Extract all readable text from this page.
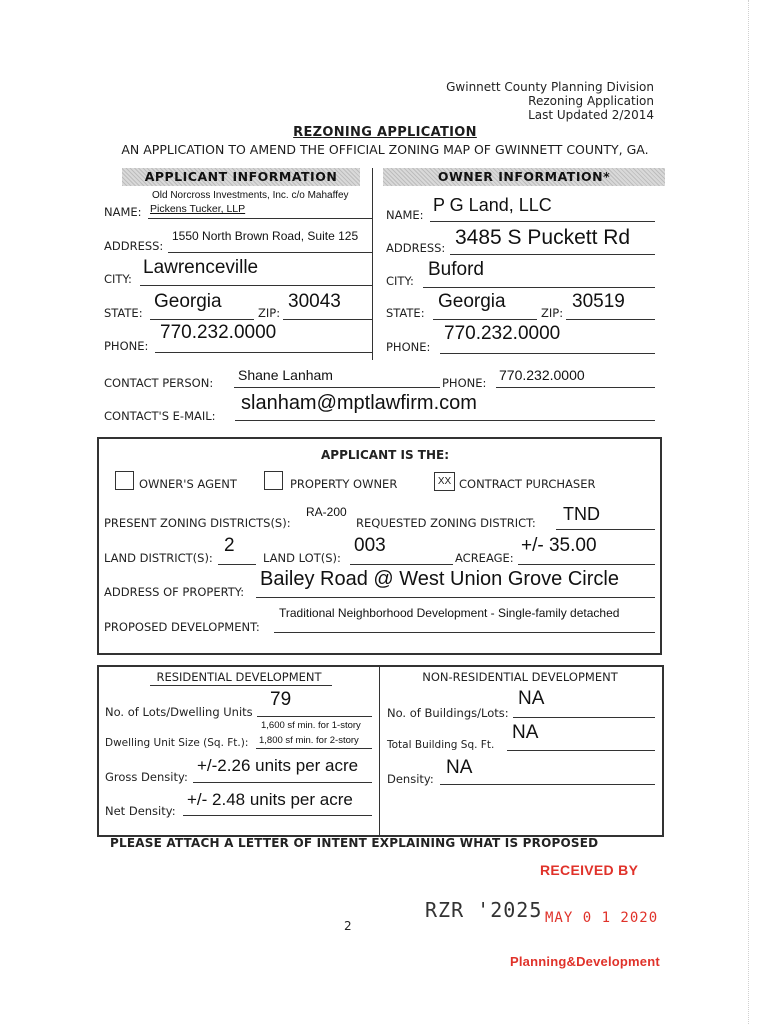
Gwinnett County Planning Division
Rezoning Application
Last Updated 2/2014
REZONING APPLICATION
AN APPLICATION TO AMEND THE OFFICIAL ZONING MAP OF GWINNETT COUNTY, GA.
APPLICANT INFORMATION	OWNER INFORMATION*
Old Norcross Investments, Inc. c/o Mahaffey
NAME: Pickens Tucker, LLP
ADDRESS:
1550 North Brown Road, Suite 125
CITY:
Lawrenceville
STATE:
Georgia
ZIP:
30043
PHONE:
770.232.0000
NAME: P G Land, LLC
ADDRESS: 3485 S Puckett Rd
CITY:
Buford
STATE:
Georgia
ZIP:
30519
PHONE:
770.232.0000
CONTACT PERSON: Shane Lanham	PHONE: 770.232.0000
CONTACT'S E-MAIL:
slanham@mptlawfirm.com
APPLICANT IS THE:
OWNER'S AGENT	PROPERTY OWNER	XX CONTRACT PURCHASER
PRESENT ZONING DISTRICTS(S):
RA-200
REQUESTED ZONING DISTRICT: TND
LAND DISTRICT(S):
2
LAND LOT(S):
003
ACREAGE:
+/- 35.00
ADDRESS OF PROPERTY:
Bailey Road @ West Union Grove Circle
PROPOSED DEVELOPMENT:
Traditional Neighborhood Development - Single-family detached
RESIDENTIAL DEVELOPMENT	NON-RESIDENTIAL DEVELOPMENT
No. of Lots/Dwelling Units
79
1,600 sf min. for 1-story
Dwelling Unit Size (Sq. Ft.): 1,800 sf min. for 2-story
Gross Density:
+/-2.26 units per acre
Net Density:
+/- 2.48 units per acre
No. of Buildings/Lots:
NA
Total Building Sq. Ft.
NA
Density:
NA
PLEASE ATTACH A LETTER OF INTENT EXPLAINING WHAT IS PROPOSED
RECEIVED BY
RZR '2025 MAY 0 1 2020
Planning&Development
2
